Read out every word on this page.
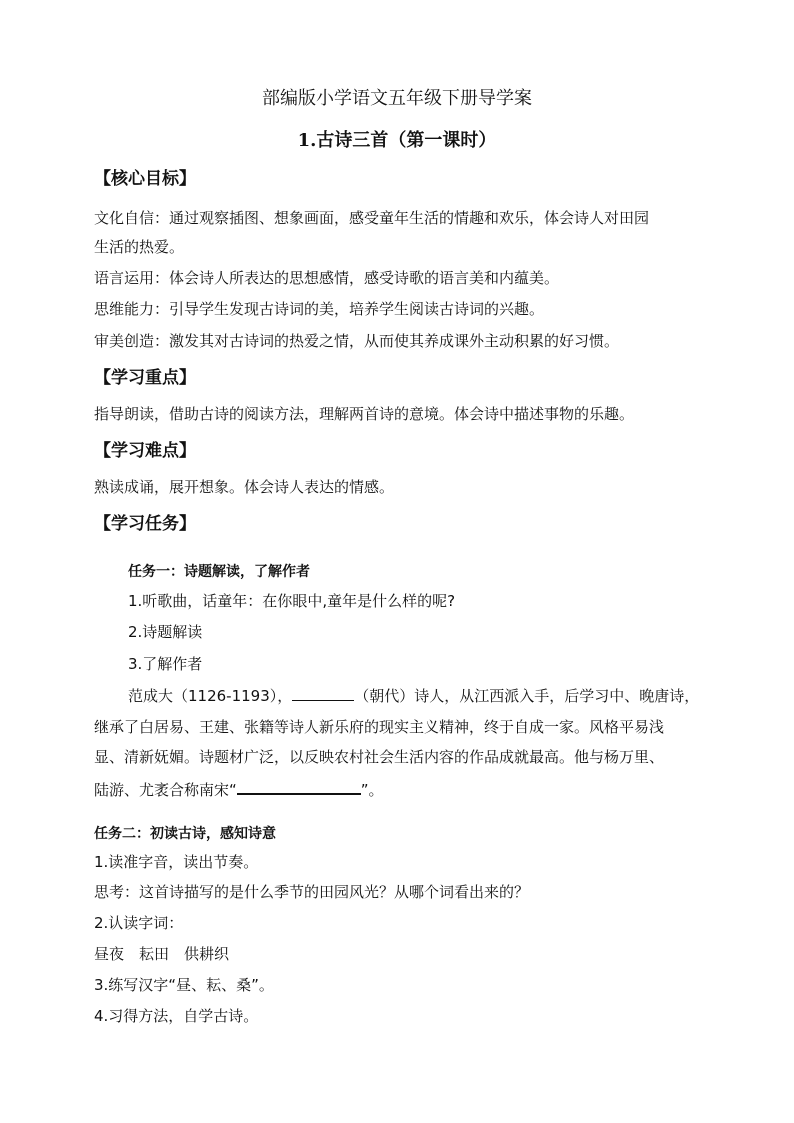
部编版小学语文五年级下册导学案
1.古诗三首（第一课时）
【核心目标】
文化自信：通过观察插图、想象画面，感受童年生活的情趣和欢乐，体会诗人对田园
生活的热爱。
语言运用：体会诗人所表达的思想感情，感受诗歌的语言美和内蕴美。
思维能力：引导学生发现古诗词的美，培养学生阅读古诗词的兴趣。
审美创造：激发其对古诗词的热爱之情，从而使其养成课外主动积累的好习惯。
【学习重点】
指导朗读，借助古诗的阅读方法，理解两首诗的意境。体会诗中描述事物的乐趣。
【学习难点】
熟读成诵，展开想象。体会诗人表达的情感。
【学习任务】
任务一：诗题解读，了解作者
1.听歌曲，话童年：在你眼中,童年是什么样的呢?
2.诗题解读
3.了解作者
范成大（1126-1193），	（朝代）诗人，从江西派入手，后学习中、晚唐诗，
继承了白居易、王建、张籍等诗人新乐府的现实主义精神，终于自成一家。风格平易浅
显、清新妩媚。诗题材广泛，以反映农村社会生活内容的作品成就最高。他与杨万里、
陆游、尤袤合称南宋“	”。
任务二：初读古诗，感知诗意
1.读准字音，读出节奏。
思考：这首诗描写的是什么季节的田园风光？从哪个词看出来的？
2.认读字词：
昼夜　耘田　供耕织
3.练写汉字“昼、耘、桑”。
4.习得方法，自学古诗。
